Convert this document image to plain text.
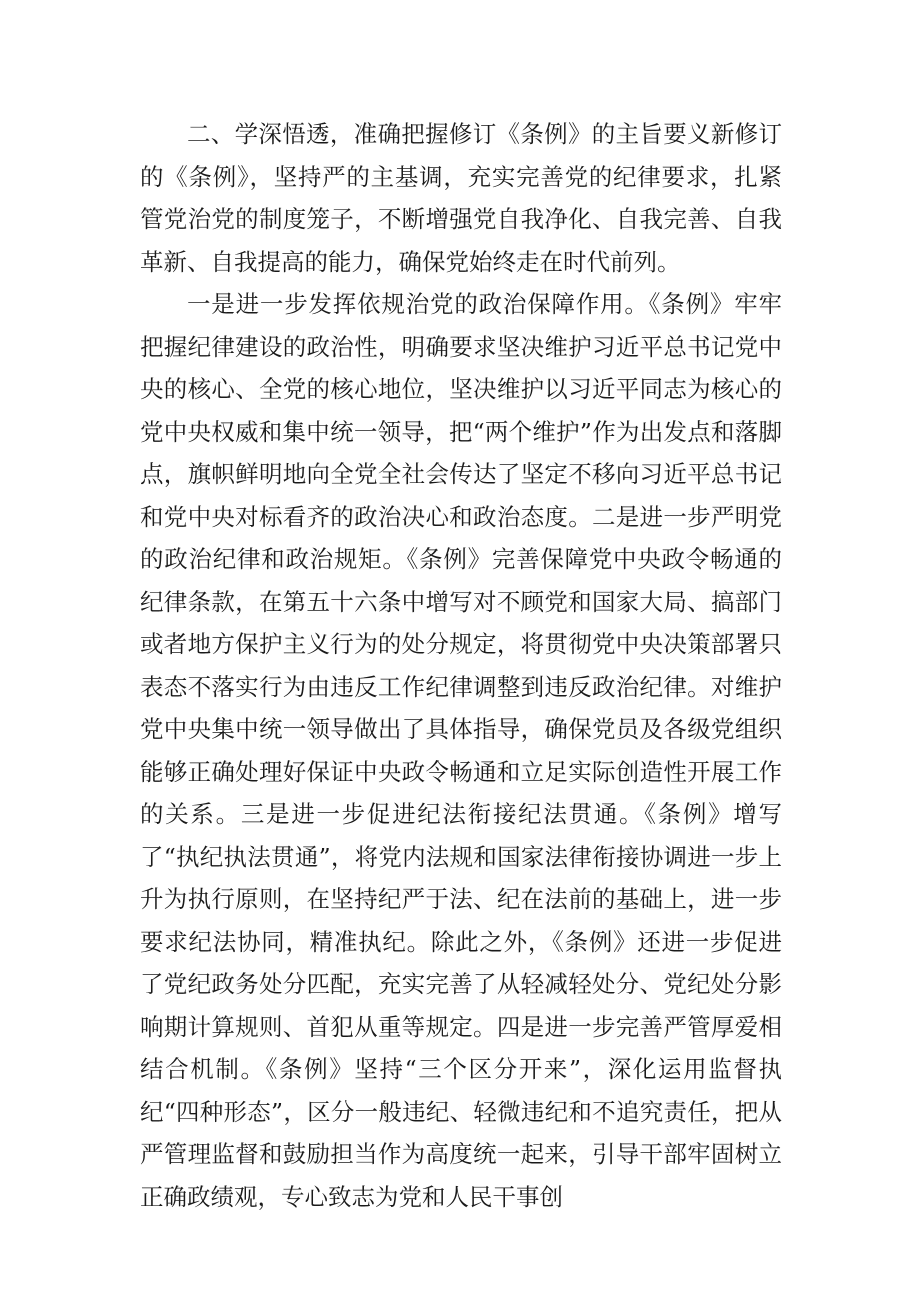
二、学深悟透，准确把握修订《条例》的主旨要义新修订的《条例》，坚持严的主基调，充实完善党的纪律要求，扎紧管党治党的制度笼子，不断增强党自我净化、自我完善、自我革新、自我提高的能力，确保党始终走在时代前列。

一是进一步发挥依规治党的政治保障作用。《条例》牢牢把握纪律建设的政治性，明确要求坚决维护习近平总书记党中央的核心、全党的核心地位，坚决维护以习近平同志为核心的党中央权威和集中统一领导，把“两个维护”作为出发点和落脚点，旗帜鲜明地向全党全社会传达了坚定不移向习近平总书记和党中央对标看齐的政治决心和政治态度。二是进一步严明党的政治纪律和政治规矩。《条例》完善保障党中央政令畅通的纪律条款，在第五十六条中增写对不顾党和国家大局、搞部门或者地方保护主义行为的处分规定，将贯彻党中央决策部署只表态不落实行为由违反工作纪律调整到违反政治纪律。对维护党中央集中统一领导做出了具体指导，确保党员及各级党组织能够正确处理好保证中央政令畅通和立足实际创造性开展工作的关系。三是进一步促进纪法衔接纪法贯通。《条例》增写了“执纪执法贯通”，将党内法规和国家法律衔接协调进一步上升为执行原则，在坚持纪严于法、纪在法前的基础上，进一步要求纪法协同，精准执纪。除此之外，《条例》还进一步促进了党纪政务处分匹配，充实完善了从轻减轻处分、党纪处分影响期计算规则、首犯从重等规定。四是进一步完善严管厚爱相结合机制。《条例》坚持“三个区分开来”，深化运用监督执纪“四种形态”，区分一般违纪、轻微违纪和不追究责任，把从严管理监督和鼓励担当作为高度统一起来，引导干部牢固树立正确政绩观，专心致志为党和人民干事创
